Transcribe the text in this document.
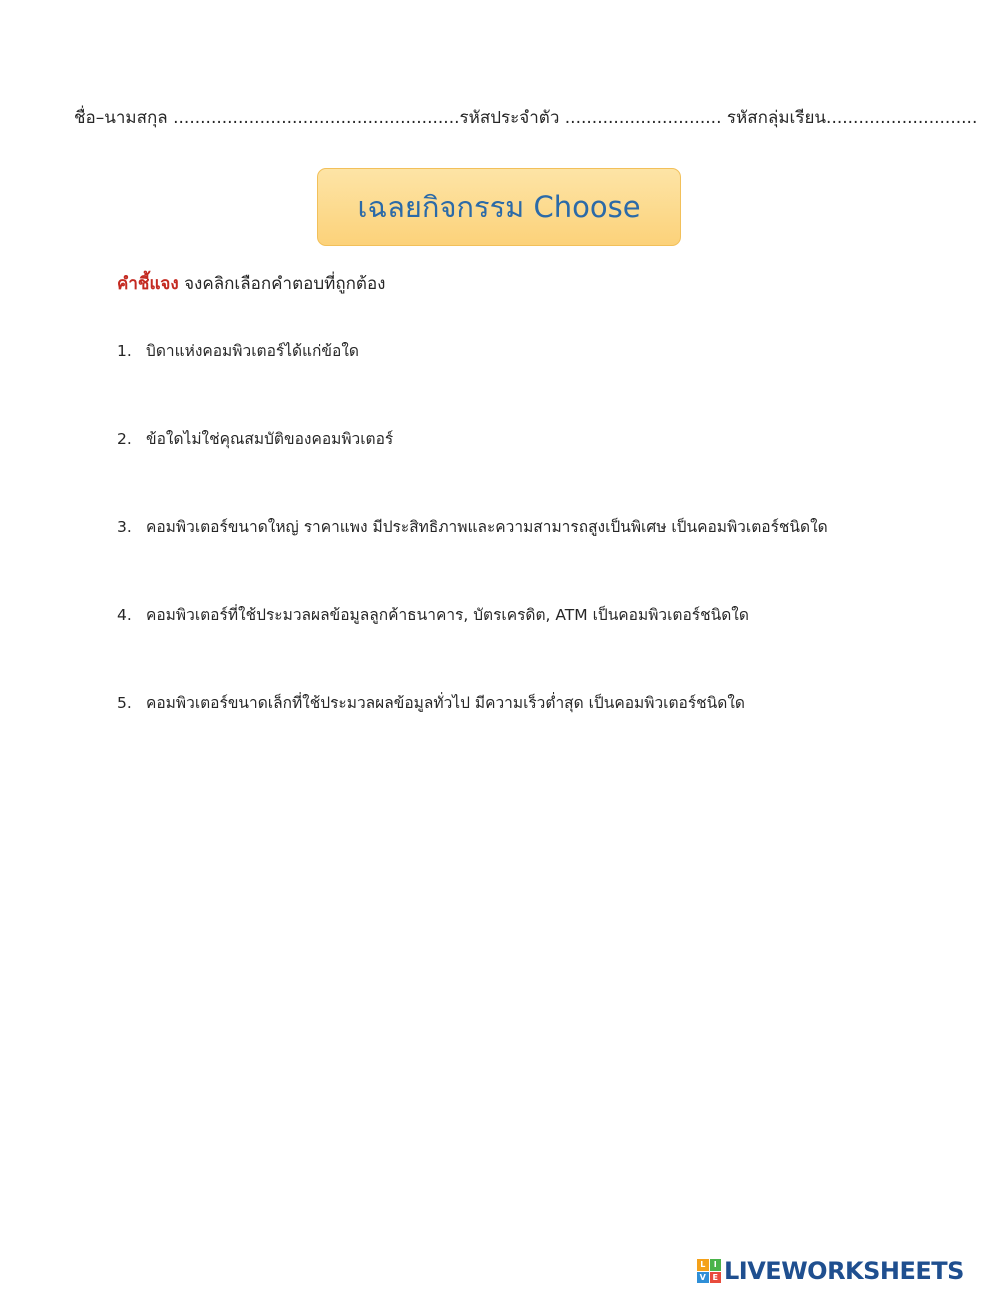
ชื่อ–นามสกุล .....................................................รหัสประจำตัว ............................. รหัสกลุ่มเรียน............................
เฉลยกิจกรรม Choose
คำชี้แจง จงคลิกเลือกคำตอบที่ถูกต้อง
1. บิดาแห่งคอมพิวเตอร์ได้แก่ข้อใด
2. ข้อใดไม่ใช่คุณสมบัติของคอมพิวเตอร์
3. คอมพิวเตอร์ขนาดใหญ่ ราคาแพง มีประสิทธิภาพและความสามารถสูงเป็นพิเศษ เป็นคอมพิวเตอร์ชนิดใด
4. คอมพิวเตอร์ที่ใช้ประมวลผลข้อมูลลูกค้าธนาคาร, บัตรเครดิต, ATM เป็นคอมพิวเตอร์ชนิดใด
5. คอมพิวเตอร์ขนาดเล็กที่ใช้ประมวลผลข้อมูลทั่วไป มีความเร็วต่ำสุด เป็นคอมพิวเตอร์ชนิดใด
L	I
V E LIVEWORKSHEETS
